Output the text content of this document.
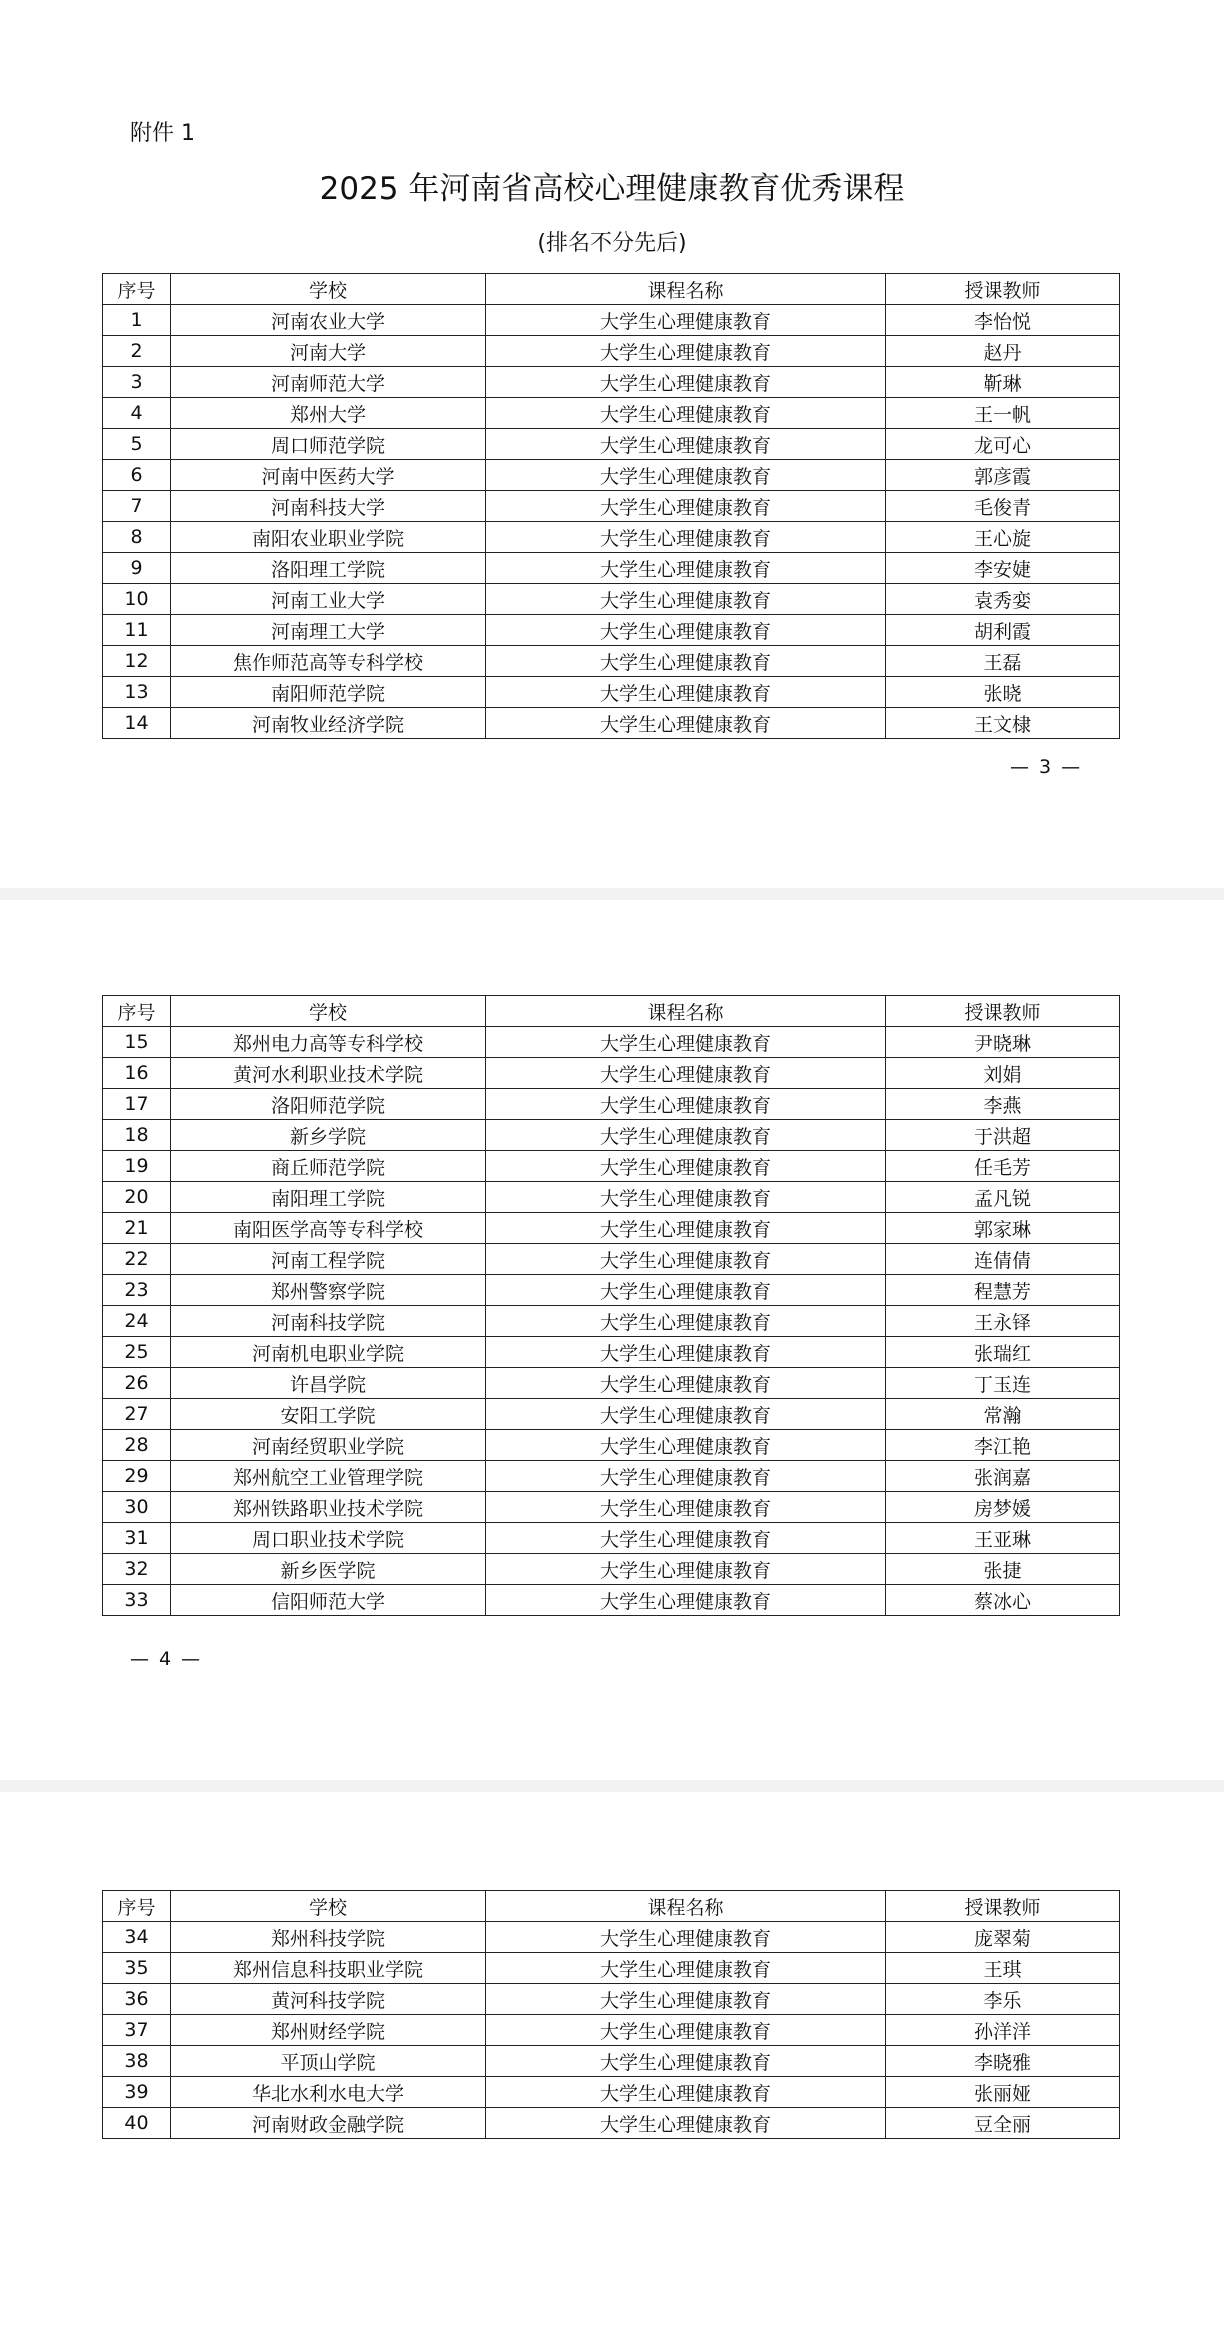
附件 1
2025 年河南省高校心理健康教育优秀课程
(排名不分先后)
序号	学校	课程名称	授课教师
1	河南农业大学	大学生心理健康教育	李怡悦
2	河南大学	大学生心理健康教育	赵丹
3	河南师范大学	大学生心理健康教育	靳琳
4	郑州大学	大学生心理健康教育	王一帆
5	周口师范学院	大学生心理健康教育	龙可心
6	河南中医药大学	大学生心理健康教育	郭彦霞
7	河南科技大学	大学生心理健康教育	毛俊青
8	南阳农业职业学院	大学生心理健康教育	王心旋
9	洛阳理工学院	大学生心理健康教育	李安婕
10	河南工业大学	大学生心理健康教育	袁秀娈
11	河南理工大学	大学生心理健康教育	胡利霞
12	焦作师范高等专科学校	大学生心理健康教育	王磊
13	南阳师范学院	大学生心理健康教育	张晓
14	河南牧业经济学院	大学生心理健康教育	王文棣
— 3 —
序号	学校	课程名称	授课教师
15	郑州电力高等专科学校	大学生心理健康教育	尹晓琳
16	黄河水利职业技术学院	大学生心理健康教育	刘娟
17	洛阳师范学院	大学生心理健康教育	李燕
18	新乡学院	大学生心理健康教育	于洪超
19	商丘师范学院	大学生心理健康教育	任毛芳
20	南阳理工学院	大学生心理健康教育	孟凡锐
21	南阳医学高等专科学校	大学生心理健康教育	郭家琳
22	河南工程学院	大学生心理健康教育	连倩倩
23	郑州警察学院	大学生心理健康教育	程慧芳
24	河南科技学院	大学生心理健康教育	王永铎
25	河南机电职业学院	大学生心理健康教育	张瑞红
26	许昌学院	大学生心理健康教育	丁玉连
27	安阳工学院	大学生心理健康教育	常瀚
28	河南经贸职业学院	大学生心理健康教育	李江艳
29	郑州航空工业管理学院	大学生心理健康教育	张润嘉
30	郑州铁路职业技术学院	大学生心理健康教育	房梦媛
31	周口职业技术学院	大学生心理健康教育	王亚琳
32	新乡医学院	大学生心理健康教育	张捷
33	信阳师范大学	大学生心理健康教育	蔡冰心
— 4 —
序号	学校	课程名称	授课教师
34	郑州科技学院	大学生心理健康教育	庞翠菊
35	郑州信息科技职业学院	大学生心理健康教育	王琪
36	黄河科技学院	大学生心理健康教育	李乐
37	郑州财经学院	大学生心理健康教育	孙洋洋
38	平顶山学院	大学生心理健康教育	李晓雅
39	华北水利水电大学	大学生心理健康教育	张丽娅
40	河南财政金融学院	大学生心理健康教育	豆全丽
